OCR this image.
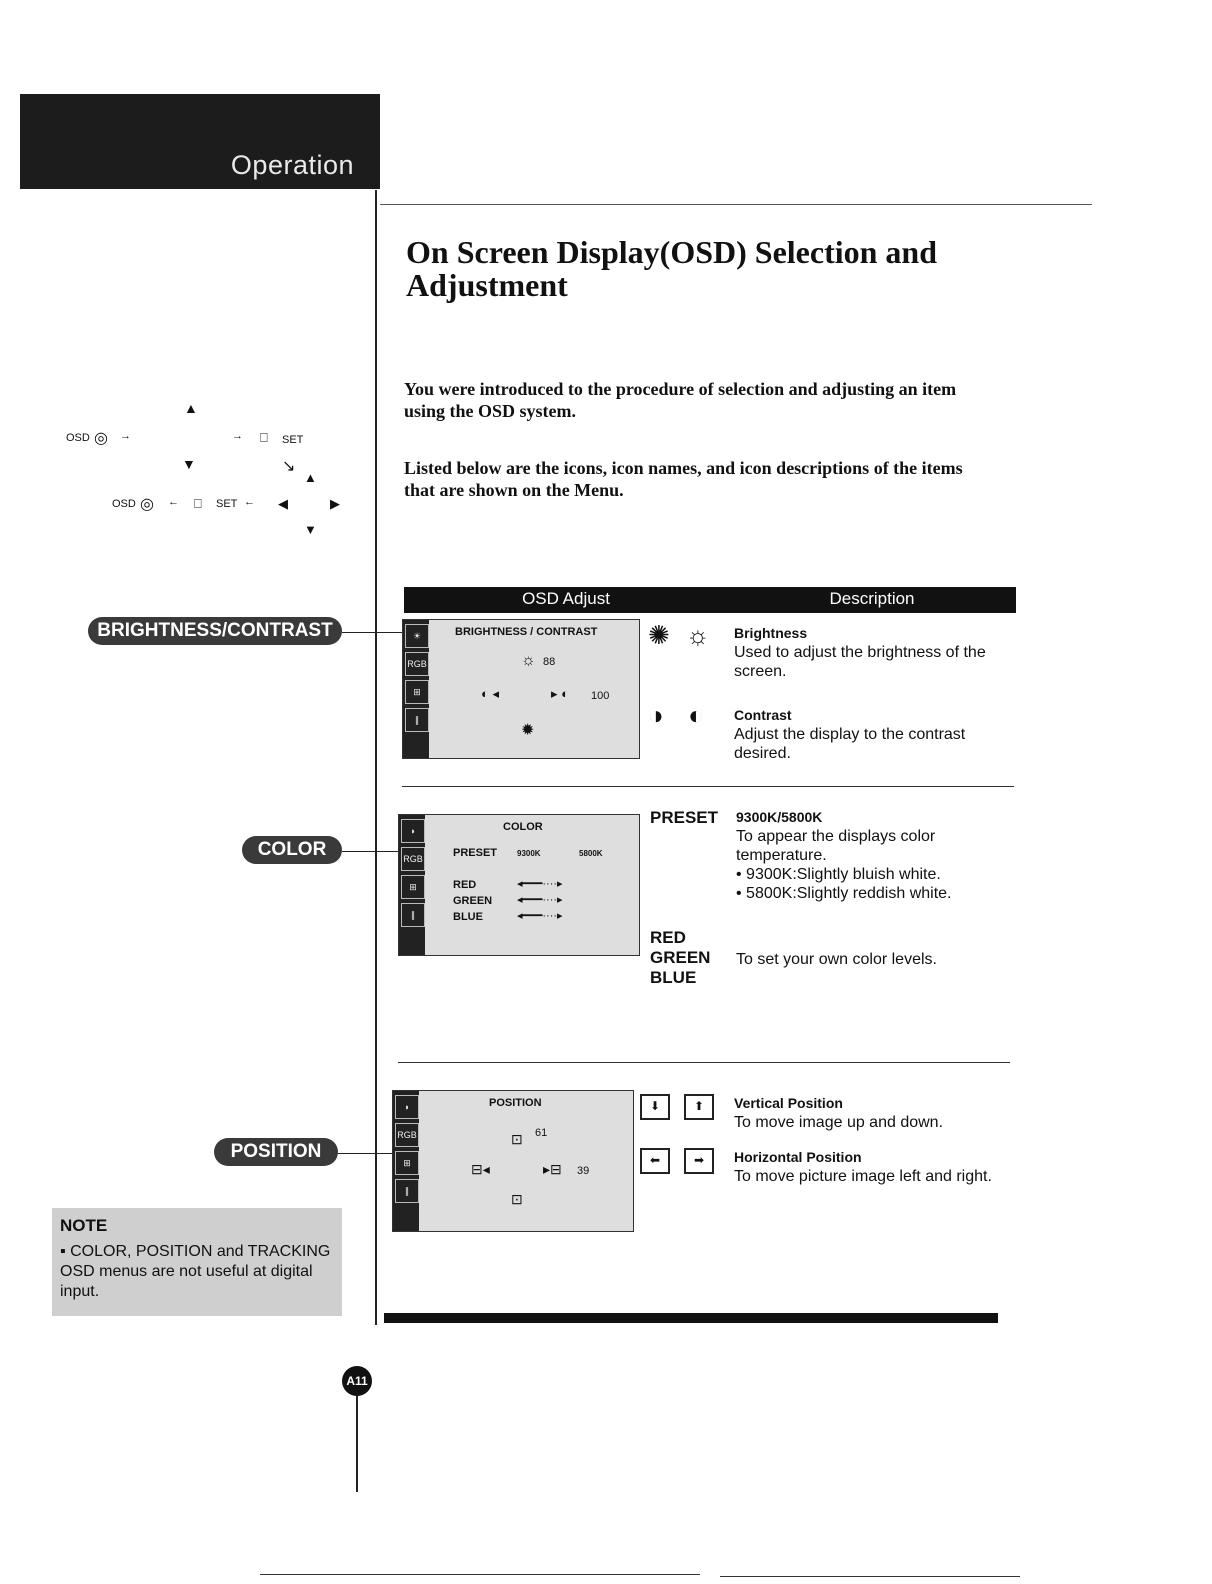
Operation
On Screen Display(OSD) Selection and Adjustment
You were introduced to the procedure of selection and adjusting an item using the OSD system.
Listed below are the icons, icon names, and icon descriptions of the items that are shown on the Menu.
▲
OSD ◎ →	→ ⎕ SET
▼	↘
▲
OSD ◎ ← ⎕ SET ← ◀	▶
▼
OSD Adjust	Description
BRIGHTNESS/CONTRAST	☀
RGB
⊞
∥
BRIGHTNESS / CONTRAST
☼ 88
◐ ◂	▸ ◐ 100
✹
✺ ☼ Brightness
Used to adjust the brightness of the screen.
◑ ◐ Contrast
Adjust the display to the contrast desired.
COLOR
◗
RGB
⊞
∥
COLOR
PRESET 9300K	5800K
RED
GREEN
BLUE
◂━━━····▸
◂━━━····▸
◂━━━····▸
PRESET 9300K/5800K
To appear the displays color temperature.
• 9300K:Slightly bluish white.
• 5800K:Slightly reddish white.
RED
GREEN
BLUE
To set your own color levels.
POSITION
◗
RGB
⊞
∥
POSITION
⊡ 61
⊟◂	▸⊟ 39
⊡
⬇	⬆	Vertical Position
To move image up and down.
⬅	➡	Horizontal Position
To move picture image left and right.
NOTE
▪ COLOR, POSITION and TRACKING OSD menus are not useful at digital input.
A11
